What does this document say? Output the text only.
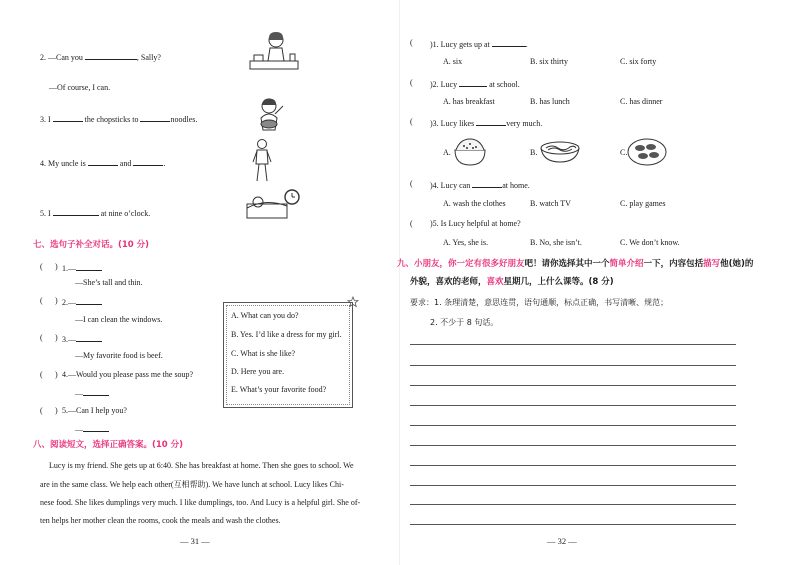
2. —Can you	, Sally?
—Of course, I can.
3. I	the chopsticks to	noodles.
4. My uncle is	and	.
5. I	at nine o’clock.
七、选句子补全对话。(10 分)
( ) 1.—
—She’s tall and thin.
( ) 2.—
—I can clean the windows.
( ) 3.—
—My favorite food is beef.
( ) 4.—Would you please pass me the soup?
—
( ) 5.—Can I help you?
—
A. What can you do?
B. Yes. I’d like a dress for my girl.
C. What is she like?
D. Here you are.
E. What’s your favorite food?
八、阅读短文，选择正确答案。(10 分)
Lucy is my friend. She gets up at 6:40. She has breakfast at home. Then she goes to school. We
are in the same class. We help each other(互相帮助). We have lunch at school. Lucy likes Chi-
nese food. She likes dumplings very much. I like dumplings, too. And Lucy is a helpful girl. She of-
ten helps her mother clean the rooms, cook the meals and wash the clothes.
— 31 —
( )1. Lucy gets up at	.
A. six	B. six thirty	C. six forty
( )2. Lucy	at school.
A. has breakfast	B. has lunch	C. has dinner
( )3. Lucy likes	very much.
A.	B.	C.
( )4. Lucy can	at home.
A. wash the clothes	B. watch TV	C. play games
( )5. Is Lucy helpful at home?
A. Yes, she is.	B. No, she isn’t.	C. We don’t know.
九、小朋友，你一定有很多好朋友吧！请你选择其中一个简单介绍一下，内容包括描写他(她)的
外貌，喜欢的老师，喜欢星期几，上什么课等。(8 分)
要求：1. 条理清楚，意思连贯，语句通顺，标点正确，书写清晰、规范；
2. 不少于 8 句话。
— 32 —
